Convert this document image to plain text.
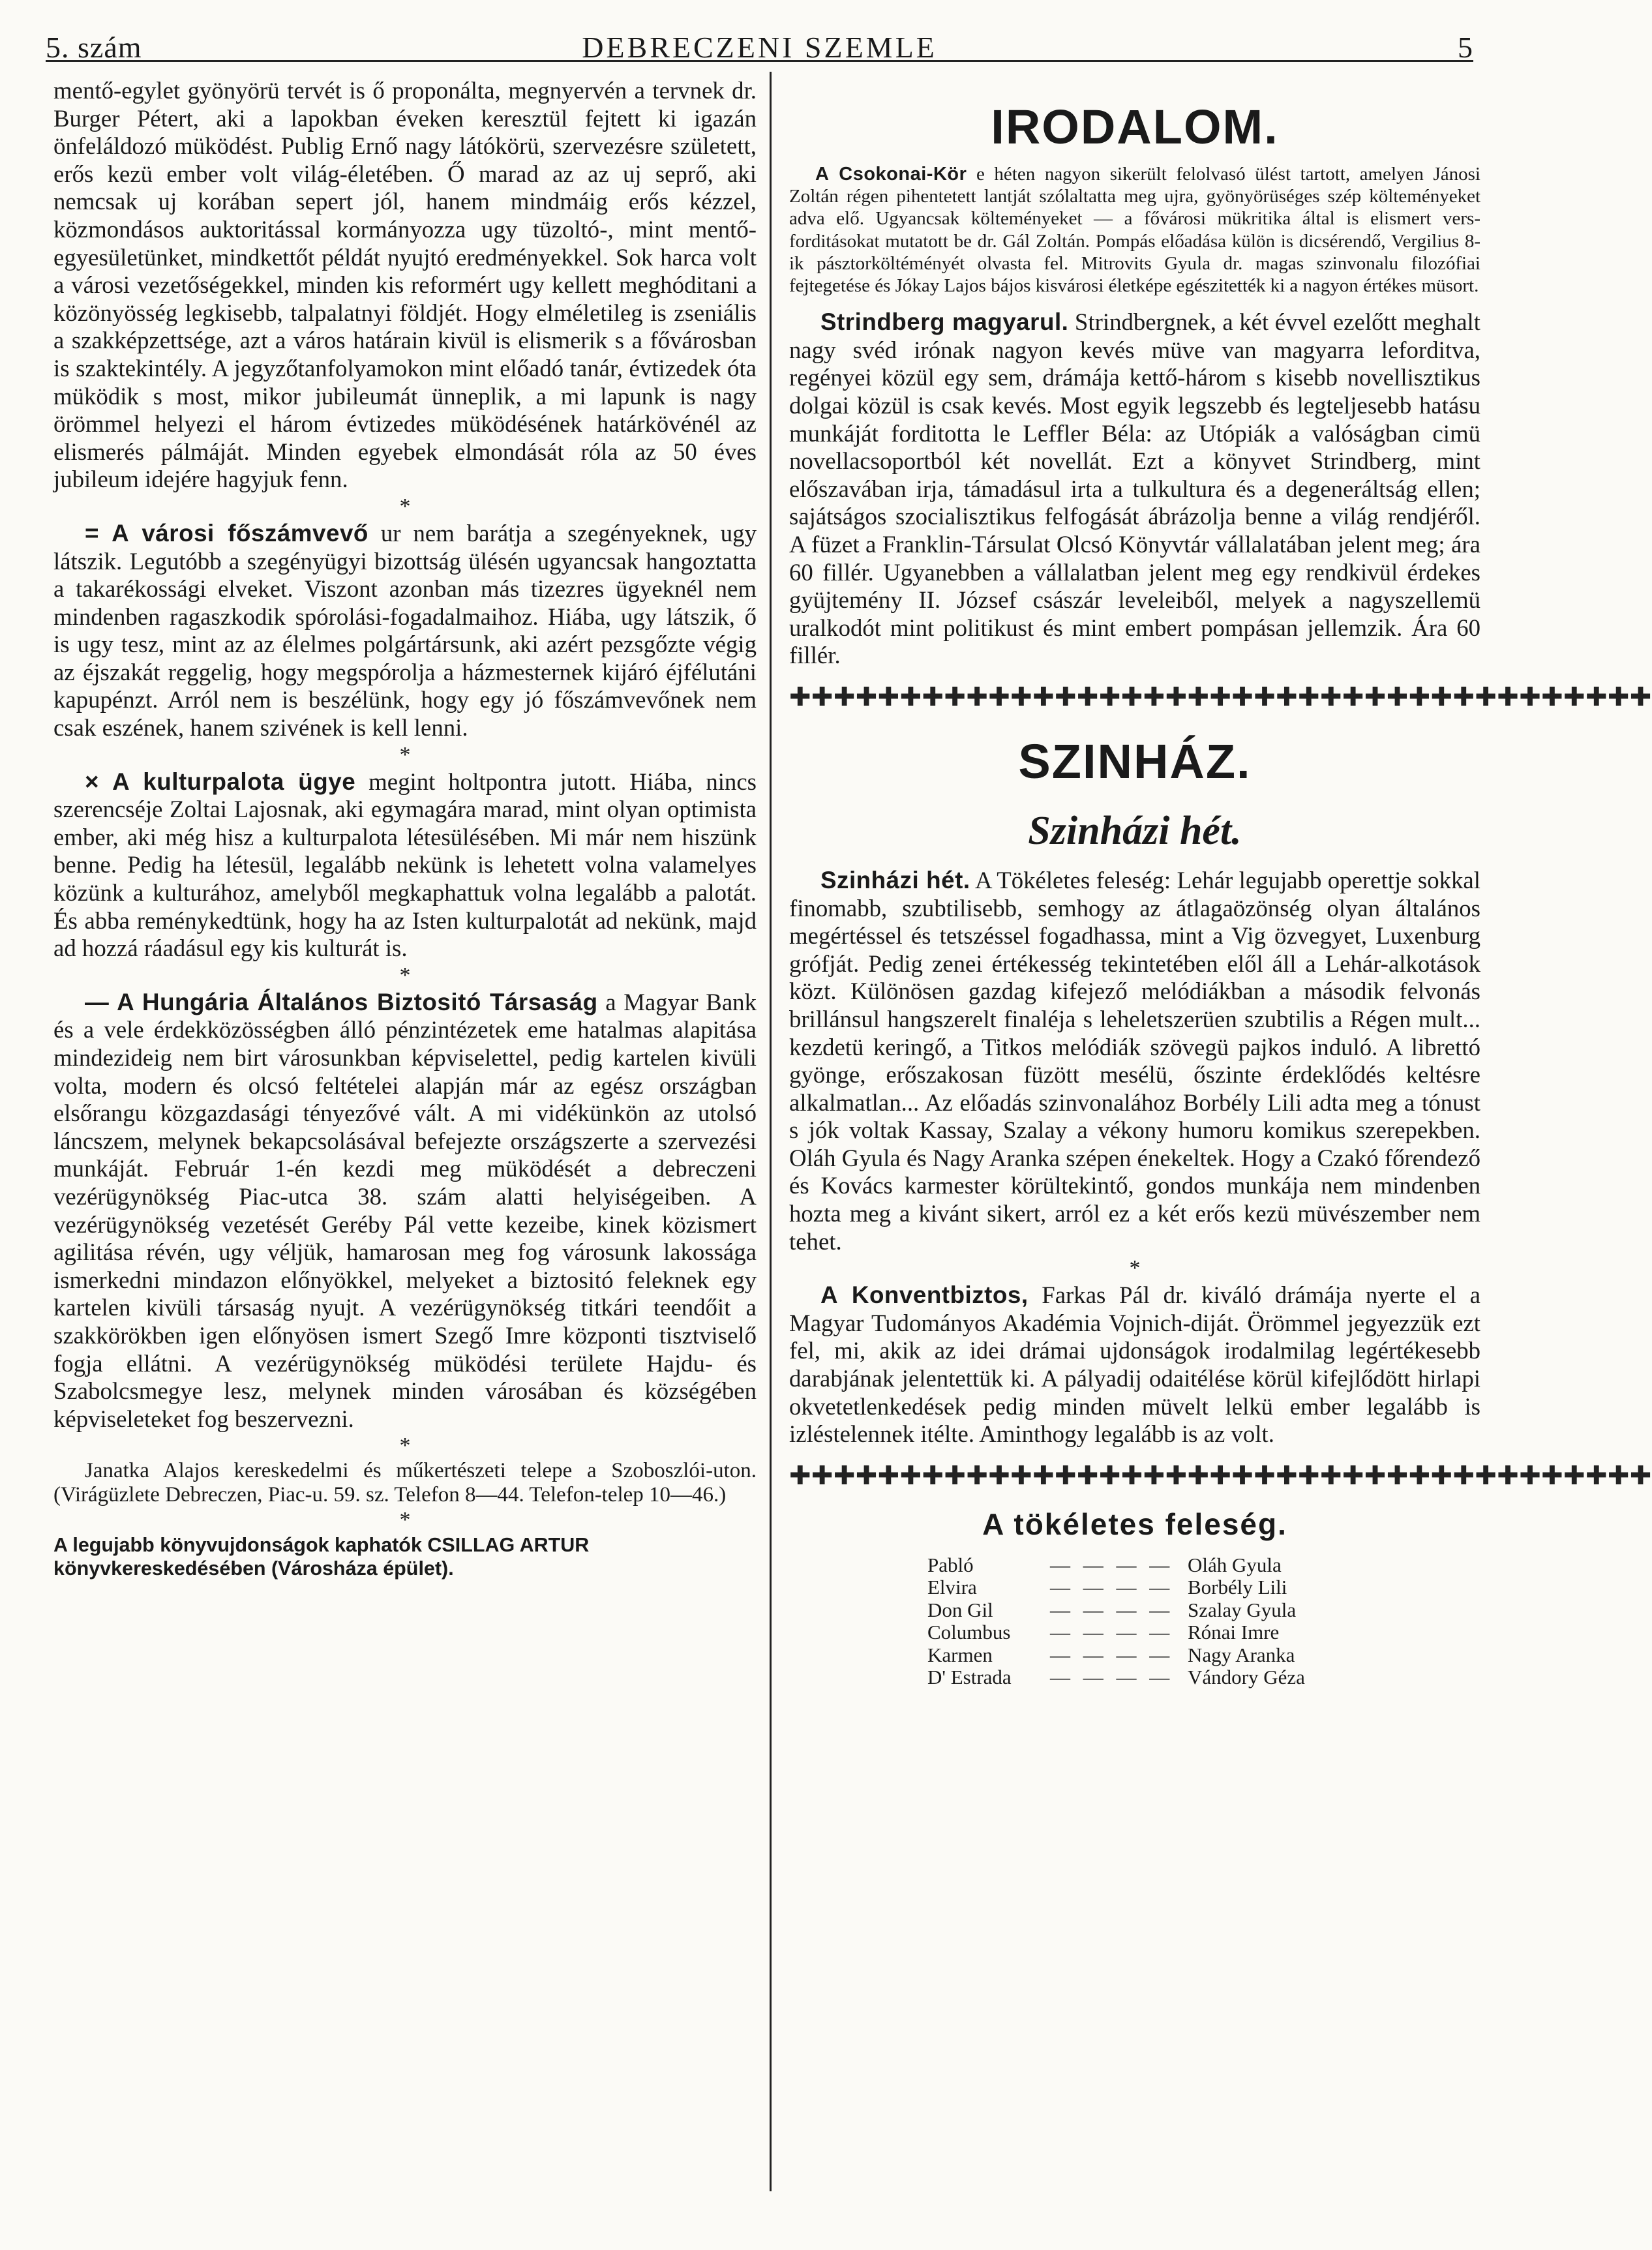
5. szám	DEBRECZENI SZEMLE	5

mentő-egylet gyönyörü tervét is ő proponálta, megnyervén a tervnek dr. Burger Pétert, aki a lapokban éveken keresztül fejtett ki igazán önfeláldozó müködést. Publig Ernő nagy látókörü, szervezésre született, erős kezü ember volt világ-életében. Ő marad az az uj seprő, aki nemcsak uj korában sepert jól, hanem mindmáig erős kézzel, közmondásos auktoritással kormányozza ugy tüzoltó-, mint mentő-egyesületünket, mindkettőt példát nyujtó eredményekkel. Sok harca volt a városi vezetőségekkel, minden kis reformért ugy kellett meghóditani a közönyösség legkisebb, talpalatnyi földjét. Hogy elméletileg is zseniális a szakképzettsége, azt a város határain kivül is elismerik s a fővárosban is szaktekintély. A jegyzőtanfolyamokon mint előadó tanár, évtizedek óta müködik s most, mikor jubileumát ünneplik, a mi lapunk is nagy örömmel helyezi el három évtizedes müködésének határkövénél az elismerés pálmáját. Minden egyebek elmondását róla az 50 éves jubileum idejére hagyjuk fenn.

*

= A városi főszámvevő ur nem barátja a szegényeknek, ugy látszik. Legutóbb a szegényügyi bizottság ülésén ugyancsak hangoztatta a takarékossági elveket. Viszont azonban más tizezres ügyeknél nem mindenben ragaszkodik spórolási-fogadalmaihoz. Hiába, ugy látszik, ő is ugy tesz, mint az az élelmes polgártársunk, aki azért pezsgőzte végig az éjszakát reggelig, hogy megspórolja a házmesternek kijáró éjfélutáni kapupénzt. Arról nem is beszélünk, hogy egy jó főszámvevőnek nem csak eszének, hanem szivének is kell lenni.

*

× A kulturpalota ügye megint holtpontra jutott. Hiába, nincs szerencséje Zoltai Lajosnak, aki egymagára marad, mint olyan optimista ember, aki még hisz a kulturpalota létesülésében. Mi már nem hiszünk benne. Pedig ha létesül, legalább nekünk is lehetett volna valamelyes közünk a kulturához, amelyből megkaphattuk volna legalább a palotát. És abba reménykedtünk, hogy ha az Isten kulturpalotát ad nekünk, majd ad hozzá ráadásul egy kis kulturát is.

*

— A Hungária Általános Biztositó Társaság a Magyar Bank és a vele érdekközösségben álló pénzintézetek eme hatalmas alapitása mindezideig nem birt városunkban képviselettel, pedig kartelen kivüli volta, modern és olcsó feltételei alapján már az egész országban elsőrangu közgazdasági tényezővé vált. A mi vidékünkön az utolsó láncszem, melynek bekapcsolásával befejezte országszerte a szervezési munkáját. Február 1-én kezdi meg müködését a debreczeni vezérügynökség Piac-utca 38. szám alatti helyiségeiben. A vezérügynökség vezetését Geréby Pál vette kezeibe, kinek közismert agilitása révén, ugy véljük, hamarosan meg fog városunk lakossága ismerkedni mindazon előnyökkel, melyeket a biztositó feleknek egy kartelen kivüli társaság nyujt. A vezérügynökség titkári teendőit a szakkörökben igen előnyösen ismert Szegő Imre központi tisztviselő fogja ellátni. A vezérügynökség müködési területe Hajdu- és Szabolcsmegye lesz, melynek minden városában és községében képviseleteket fog beszervezni.

*

Janatka Alajos kereskedelmi és műkertészeti telepe a Szoboszlói-uton. (Virágüzlete Debreczen, Piac-u. 59. sz. Telefon 8—44. Telefon-telep 10—46.)

*

A legujabb könyvujdonságok kaphatók CSILLAG ARTUR könyvkereskedésében (Városháza épület).

IRODALOM.

A Csokonai-Kör e héten nagyon sikerült felolvasó ülést tartott, amelyen Jánosi Zoltán régen pihentetett lantját szólaltatta meg ujra, gyönyörüséges szép költeményeket adva elő. Ugyancsak költeményeket — a fővárosi mükritika által is elismert vers-forditásokat mutatott be dr. Gál Zoltán. Pompás előadása külön is dicsérendő, Vergilius 8-ik pásztorköltéményét olvasta fel. Mitrovits Gyula dr. magas szinvonalu filozófiai fejtegetése és Jókay Lajos bájos kisvárosi életképe egészitették ki a nagyon értékes müsort.

Strindberg magyarul. Strindbergnek, a két évvel ezelőtt meghalt nagy svéd irónak nagyon kevés müve van magyarra leforditva, regényei közül egy sem, drámája kettő-három s kisebb novellisztikus dolgai közül is csak kevés. Most egyik legszebb és legteljesebb hatásu munkáját forditotta le Leffler Béla: az Utópiák a valóságban cimü novellacsoportból két novellát. Ezt a könyvet Strindberg, mint előszavában irja, támadásul irta a tulkultura és a degeneráltság ellen; sajátságos szocialisztikus felfogását ábrázolja benne a világ rendjéről. A füzet a Franklin-Társulat Olcsó Könyvtár vállalatában jelent meg; ára 60 fillér. Ugyanebben a vállalatban jelent meg egy rendkivül érdekes gyüjtemény II. József császár leveleiből, melyek a nagyszellemü uralkodót mint politikust és mint embert pompásan jellemzik. Ára 60 fillér.

✚✚✚✚✚✚✚✚✚✚✚✚✚✚✚✚✚✚✚✚✚✚✚✚✚✚✚✚✚✚✚✚✚✚✚✚✚✚✚
SZINHÁZ.
Szinházi hét.

Szinházi hét. A Tökéletes feleség: Lehár legujabb operettje sokkal finomabb, szubtilisebb, semhogy az átlagaözönség olyan általános megértéssel és tetszéssel fogadhassa, mint a Vig özvegyet, Luxenburg grófját. Pedig zenei értékesség tekintetében elől áll a Lehár-alkotások közt. Különösen gazdag kifejező melódiákban a második felvonás brillánsul hangszerelt finaléja s leheletszerüen szubtilis a Régen mult... kezdetü keringő, a Titkos melódiák szövegü pajkos induló. A librettó gyönge, erőszakosan füzött mesélü, őszinte érdeklődés keltésre alkalmatlan... Az előadás szinvonalához Borbély Lili adta meg a tónust s jók voltak Kassay, Szalay a vékony humoru komikus szerepekben. Oláh Gyula és Nagy Aranka szépen énekeltek. Hogy a Czakó főrendező és Kovács karmester körültekintő, gondos munkája nem mindenben hozta meg a kivánt sikert, arról ez a két erős kezü müvészember nem tehet.

*

A Konventbiztos, Farkas Pál dr. kiváló drámája nyerte el a Magyar Tudományos Akadémia Vojnich-diját. Örömmel jegyezzük ezt fel, mi, akik az idei drámai ujdonságok irodalmilag legértékesebb darabjának jelentettük ki. A pályadij odaitélése körül kifejlődött hirlapi okvetetlenkedések pedig minden müvelt lelkü ember legalább is izléstelennek itélte. Aminthogy legalább is az volt.

✚✚✚✚✚✚✚✚✚✚✚✚✚✚✚✚✚✚✚✚✚✚✚✚✚✚✚✚✚✚✚✚✚✚✚✚✚✚✚
A tökéletes feleség.
Pabló	— — — — Oláh Gyula
Elvira	— — — — Borbély Lili
Don Gil	— — — — Szalay Gyula
Columbus — — — — Rónai Imre
Karmen	— — — — Nagy Aranka
D' Estrada — — — — Vándory Géza
